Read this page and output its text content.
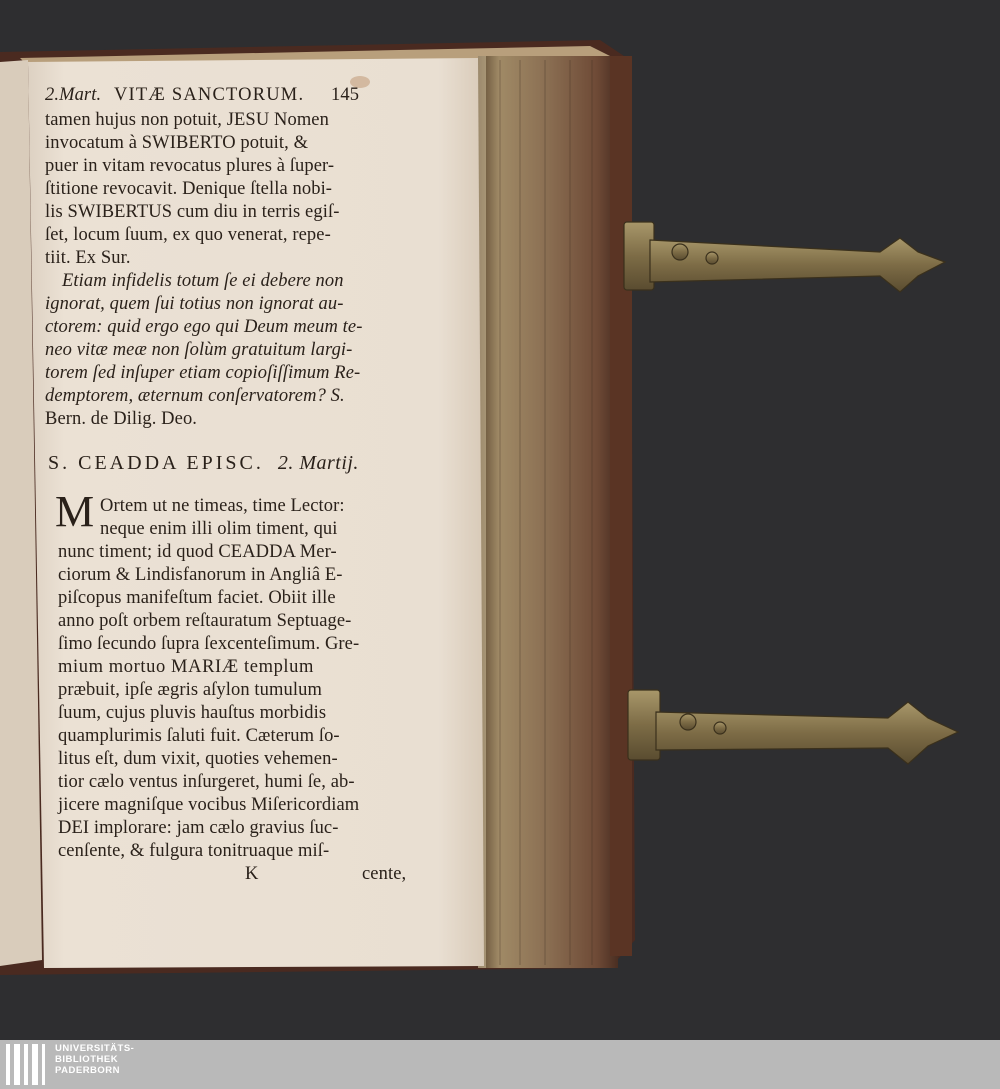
2.Mart. VITÆ SANCTORUM. 145
tamen hujus non potuit, JESU Nomen
invocatum à SWIBERTO potuit, &
puer in vitam revocatus plures à ſuper-
ſtitione revocavit. Denique ſtella nobi-
lis SWIBERTUS cum diu in terris egiſ-
ſet, locum ſuum, ex quo venerat, repe-
tiit. Ex Sur.
Etiam infidelis totum ſe ei debere non
ignorat, quem ſui totius non ignorat au-
ctorem: quid ergo ego qui Deum meum te-
neo vitæ meæ non ſolùm gratuitum largi-
torem ſed inſuper etiam copioſiſſimum Re-
demptorem, æternum conſervatorem? S.
Bern. de Dilig. Deo.
S. CEADDA EPISC. 2. Martij.
M Ortem ut ne timeas, time Lector:
neque enim illi olim timent, qui
nunc timent; id quod CEADDA Mer-
ciorum & Lindisfanorum in Angliâ E-
piſcopus manifeſtum faciet. Obiit ille
anno poſt orbem reſtauratum Septuage-
ſimo ſecundo ſupra ſexcenteſimum. Gre-
mium mortuo MARIÆ templum
præbuit, ipſe ægris aſylon tumulum
ſuum, cujus pluvis hauſtus morbidis
quamplurimis ſaluti fuit. Cæterum ſo-
litus eſt, dum vixit, quoties vehemen-
tior cælo ventus inſurgeret, humi ſe, ab-
jicere magniſque vocibus Miſericordiam
DEI implorare: jam cælo gravius ſuc-
cenſente, & fulgura tonitruaque miſ-
K	cente,
UNIVERSITÄTS-
BIBLIOTHEK
PADERBORN
